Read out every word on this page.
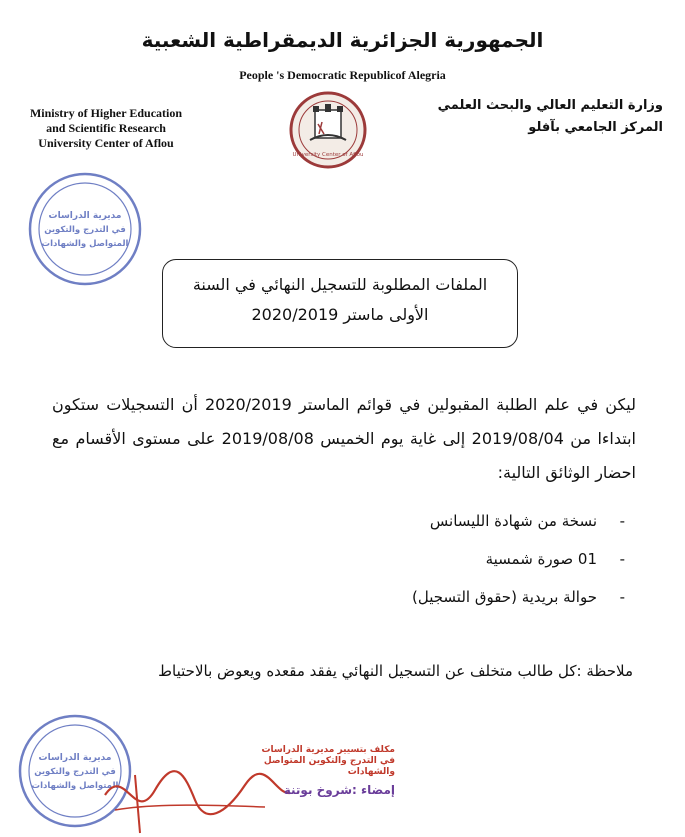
الجمهورية الجزائرية الديمقراطية الشعبية
People 's Democratic Republicof Alegria
Ministry of Higher Education
and Scientific Research
University Center of Aflou
وزارة التعليم العالي والبحث العلمي
المركز الجامعي بآفلو
University Center of Aflou
مديرية الدراسات
في التدرج والتكوين
المتواصل والشهادات
الملفات المطلوبة للتسجيل النهائي في السنة
الأولى ماستر 2020/2019
ليكن في علم الطلبة المقبولين في قوائم الماستر 2020/2019 أن التسجيلات ستكون ابتداءا من 2019/08/04 إلى غاية يوم الخميس 2019/08/08 على مستوى الأقسام مع احضار الوثائق التالية:
-نسخة من شهادة الليسانس
-01 صورة شمسية
-حوالة بريدية (حقوق التسجيل)
ملاحظة :كل طالب متخلف عن التسجيل النهائي يفقد مقعده ويعوض بالاحتياط
مديرية الدراسات
في التدرج والتكوين
المتواصل والشهادات
مكلف بتسيير مديرية الدراسات
في التدرج والتكوين المتواصل والشهادات
إمضاء :شروخ بوتنة
